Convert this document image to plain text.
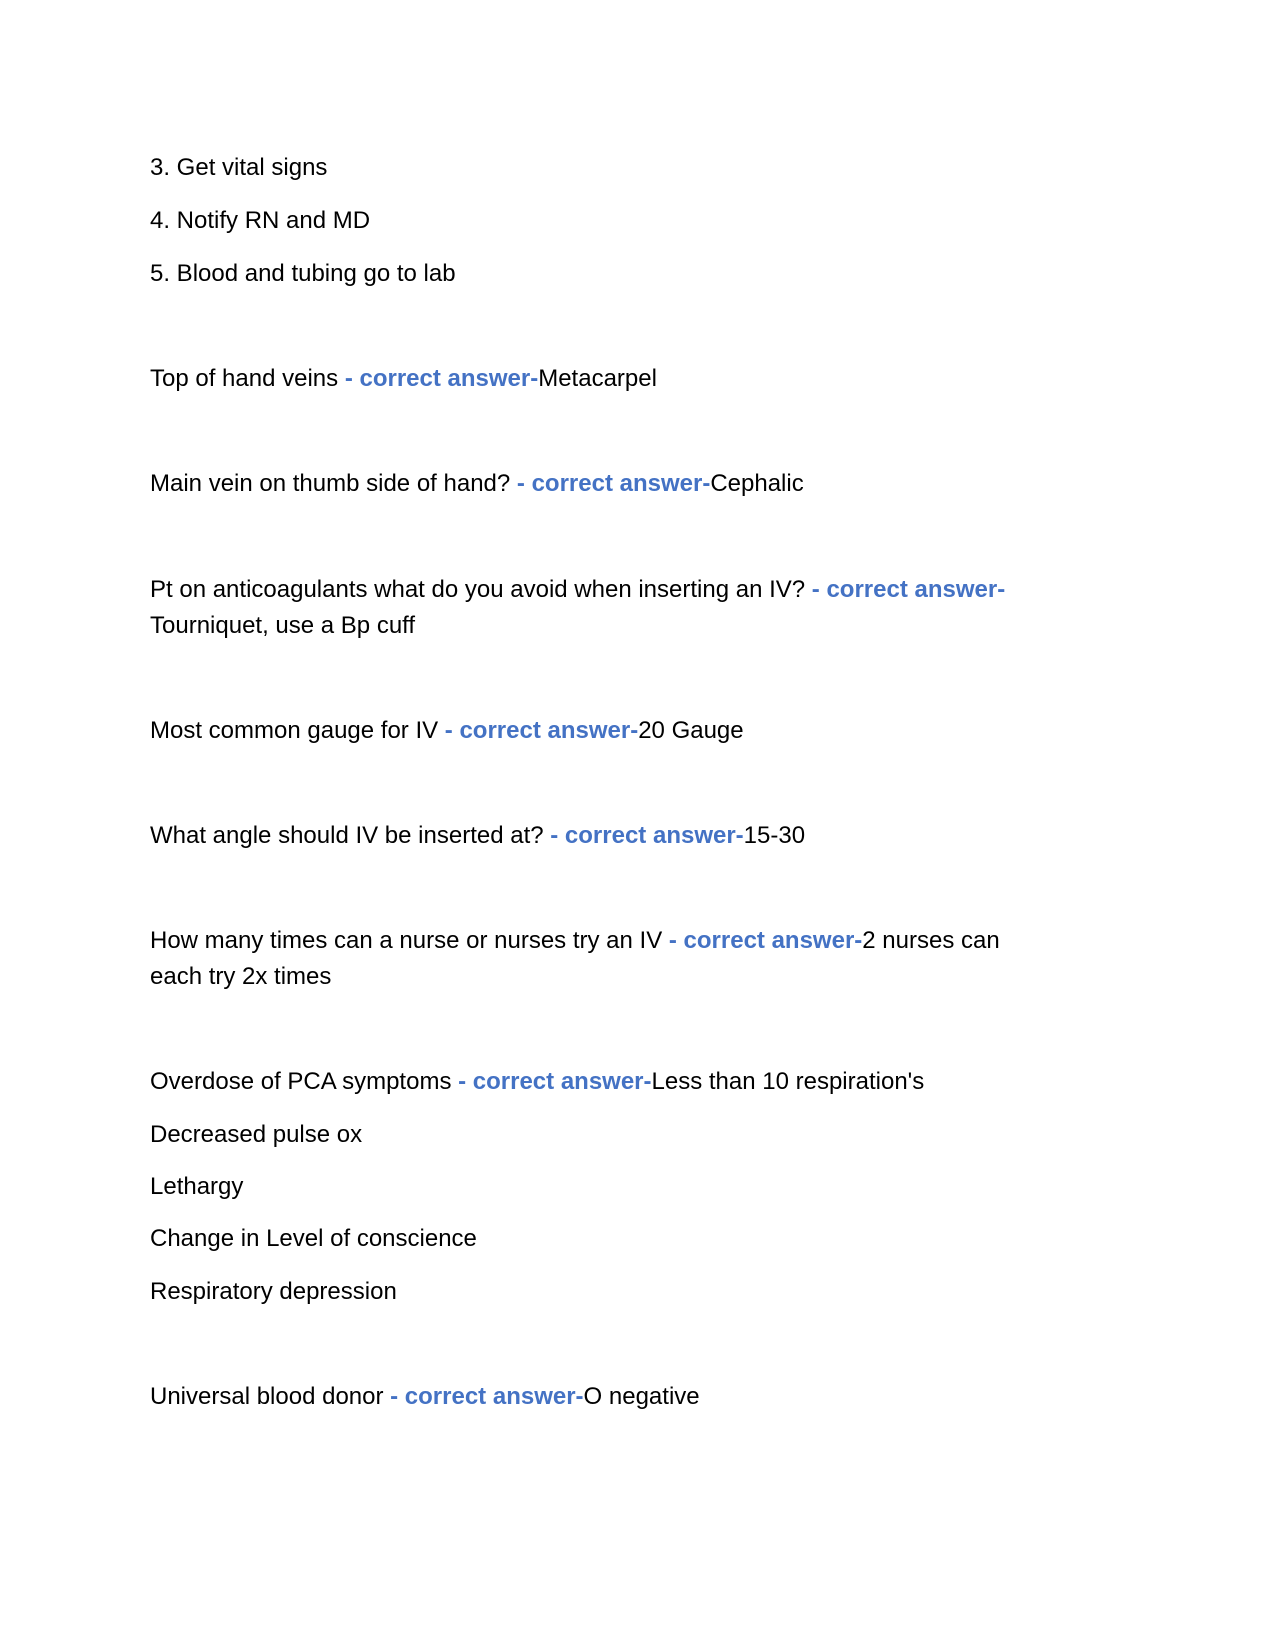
3. Get vital signs
4. Notify RN and MD
5. Blood and tubing go to lab
Top of hand veins - correct answer-Metacarpel
Main vein on thumb side of hand? - correct answer-Cephalic
Pt on anticoagulants what do you avoid when inserting an IV? - correct answer-
Tourniquet, use a Bp cuff
Most common gauge for IV - correct answer-20 Gauge
What angle should IV be inserted at? - correct answer-15-30
How many times can a nurse or nurses try an IV - correct answer-2 nurses can
each try 2x times
Overdose of PCA symptoms - correct answer-Less than 10 respiration's
Decreased pulse ox
Lethargy
Change in Level of conscience
Respiratory depression
Universal blood donor - correct answer-O negative
